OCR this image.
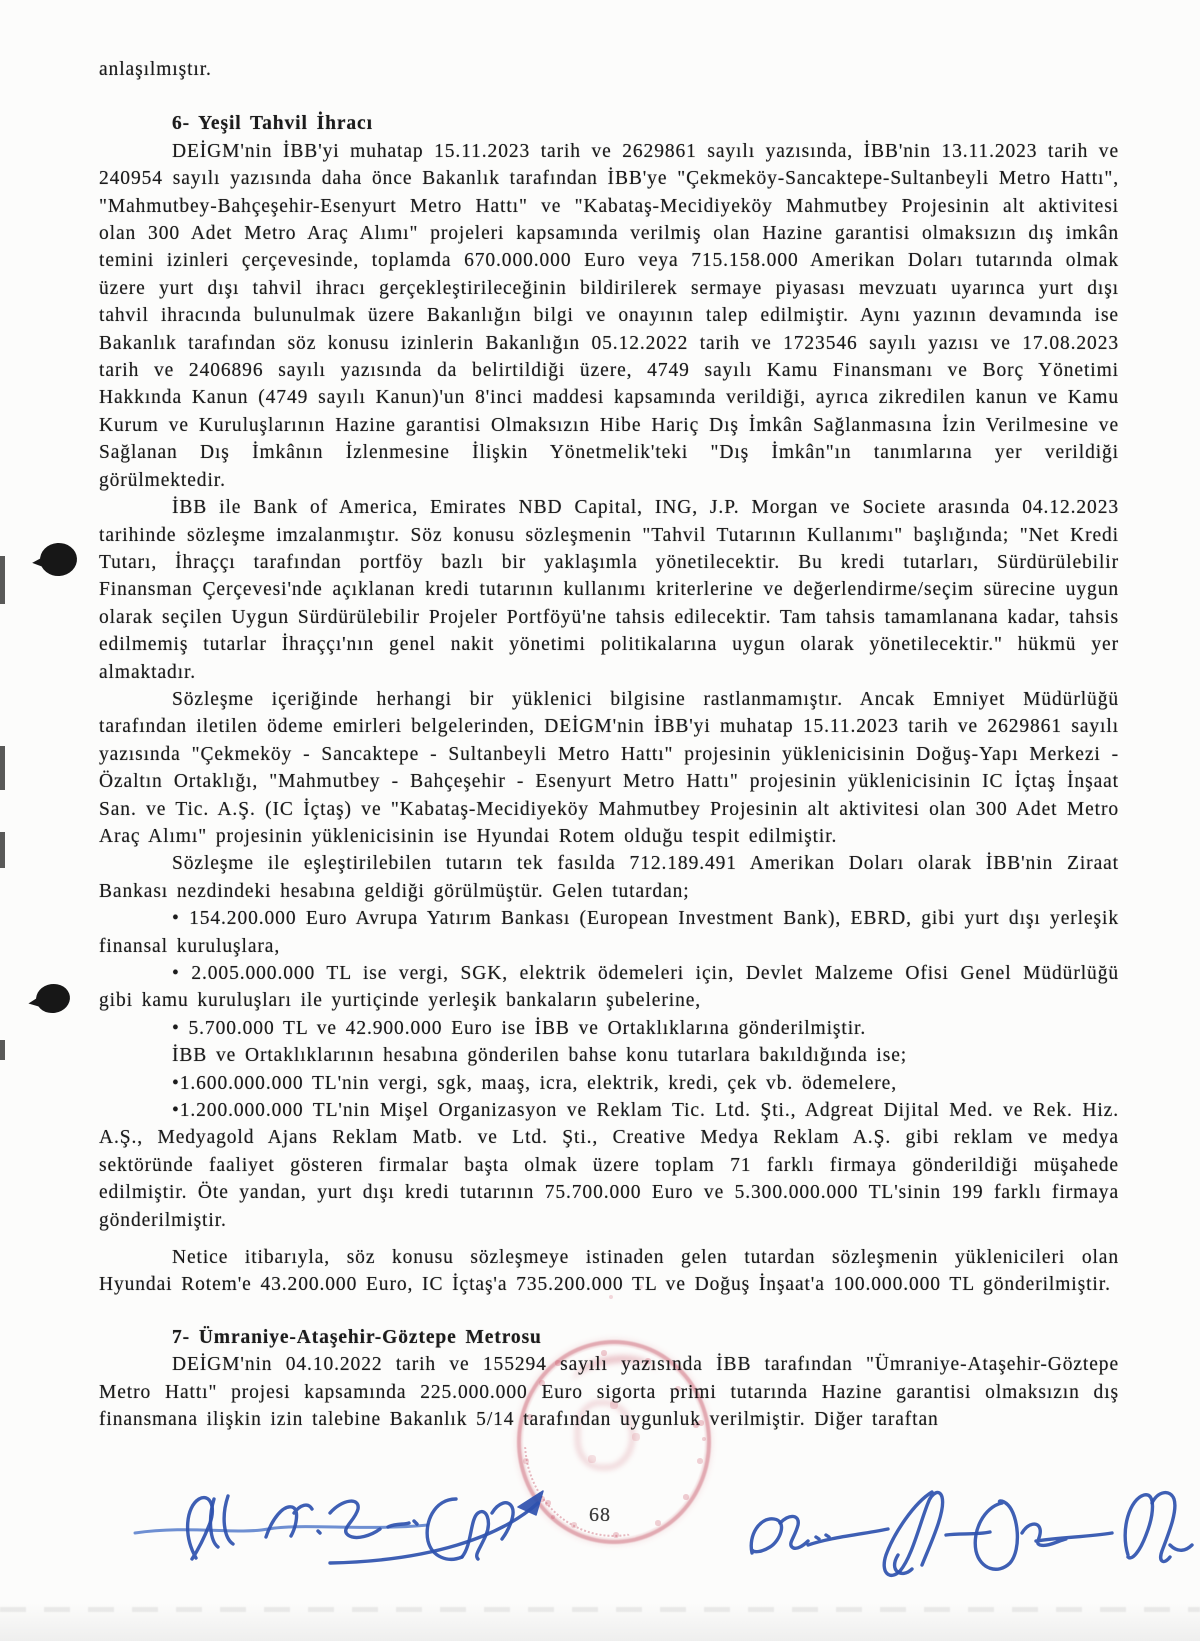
anlaşılmıştır.

6- Yeşil Tahvil İhracı

DEİGM'nin İBB'yi muhatap 15.11.2023 tarih ve 2629861 sayılı yazısında, İBB'nin 13.11.2023 tarih ve 240954 sayılı yazısında daha önce Bakanlık tarafından İBB'ye "Çekmeköy-Sancaktepe-Sultanbeyli Metro Hattı", "Mahmutbey-Bahçeşehir-Esenyurt Metro Hattı" ve "Kabataş-Mecidiyeköy Mahmutbey Projesinin alt aktivitesi olan 300 Adet Metro Araç Alımı" projeleri kapsamında verilmiş olan Hazine garantisi olmaksızın dış imkân temini izinleri çerçevesinde, toplamda 670.000.000 Euro veya 715.158.000 Amerikan Doları tutarında olmak üzere yurt dışı tahvil ihracı gerçekleştirileceğinin bildirilerek sermaye piyasası mevzuatı uyarınca yurt dışı tahvil ihracında bulunulmak üzere Bakanlığın bilgi ve onayının talep edilmiştir. Aynı yazının devamında ise Bakanlık tarafından söz konusu izinlerin Bakanlığın 05.12.2022 tarih ve 1723546 sayılı yazısı ve 17.08.2023 tarih ve 2406896 sayılı yazısında da belirtildiği üzere, 4749 sayılı Kamu Finansmanı ve Borç Yönetimi Hakkında Kanun (4749 sayılı Kanun)'un 8'inci maddesi kapsamında verildiği, ayrıca zikredilen kanun ve Kamu Kurum ve Kuruluşlarının Hazine garantisi Olmaksızın Hibe Hariç Dış İmkân Sağlanmasına İzin Verilmesine ve Sağlanan Dış İmkânın İzlenmesine İlişkin Yönetmelik'teki "Dış İmkân"ın tanımlarına yer verildiği görülmektedir.

İBB ile Bank of America, Emirates NBD Capital, ING, J.P. Morgan ve Societe arasında 04.12.2023 tarihinde sözleşme imzalanmıştır. Söz konusu sözleşmenin "Tahvil Tutarının Kullanımı" başlığında; "Net Kredi Tutarı, İhraççı tarafından portföy bazlı bir yaklaşımla yönetilecektir. Bu kredi tutarları, Sürdürülebilir Finansman Çerçevesi'nde açıklanan kredi tutarının kullanımı kriterlerine ve değerlendirme/seçim sürecine uygun olarak seçilen Uygun Sürdürülebilir Projeler Portföyü'ne tahsis edilecektir. Tam tahsis tamamlanana kadar, tahsis edilmemiş tutarlar İhraççı'nın genel nakit yönetimi politikalarına uygun olarak yönetilecektir." hükmü yer almaktadır.

Sözleşme içeriğinde herhangi bir yüklenici bilgisine rastlanmamıştır. Ancak Emniyet Müdürlüğü tarafından iletilen ödeme emirleri belgelerinden, DEİGM'nin İBB'yi muhatap 15.11.2023 tarih ve 2629861 sayılı yazısında "Çekmeköy - Sancaktepe - Sultanbeyli Metro Hattı" projesinin yüklenicisinin Doğuş-Yapı Merkezi - Özaltın Ortaklığı, "Mahmutbey - Bahçeşehir - Esenyurt Metro Hattı" projesinin yüklenicisinin IC İçtaş İnşaat San. ve Tic. A.Ş. (IC İçtaş) ve "Kabataş-Mecidiyeköy Mahmutbey Projesinin alt aktivitesi olan 300 Adet Metro Araç Alımı" projesinin yüklenicisinin ise Hyundai Rotem olduğu tespit edilmiştir.

Sözleşme ile eşleştirilebilen tutarın tek fasılda 712.189.491 Amerikan Doları olarak İBB'nin Ziraat Bankası nezdindeki hesabına geldiği görülmüştür. Gelen tutardan;

• 154.200.000 Euro Avrupa Yatırım Bankası (European Investment Bank), EBRD, gibi yurt dışı yerleşik finansal kuruluşlara,

• 2.005.000.000 TL ise vergi, SGK, elektrik ödemeleri için, Devlet Malzeme Ofisi Genel Müdürlüğü gibi kamu kuruluşları ile yurtiçinde yerleşik bankaların şubelerine,

• 5.700.000 TL ve 42.900.000 Euro ise İBB ve Ortaklıklarına gönderilmiştir.

İBB ve Ortaklıklarının hesabına gönderilen bahse konu tutarlara bakıldığında ise;

•1.600.000.000 TL'nin vergi, sgk, maaş, icra, elektrik, kredi, çek vb. ödemelere,

•1.200.000.000 TL'nin Mişel Organizasyon ve Reklam Tic. Ltd. Şti., Adgreat Dijital Med. ve Rek. Hiz. A.Ş., Medyagold Ajans Reklam Matb. ve Ltd. Şti., Creative Medya Reklam A.Ş. gibi reklam ve medya sektöründe faaliyet gösteren firmalar başta olmak üzere toplam 71 farklı firmaya gönderildiği müşahede edilmiştir. Öte yandan, yurt dışı kredi tutarının 75.700.000 Euro ve 5.300.000.000 TL'sinin 199 farklı firmaya gönderilmiştir.

Netice itibarıyla, söz konusu sözleşmeye istinaden gelen tutardan sözleşmenin yüklenicileri olan Hyundai Rotem'e 43.200.000 Euro, IC İçtaş'a 735.200.000 TL ve Doğuş İnşaat'a 100.000.000 TL gönderilmiştir.

7- Ümraniye-Ataşehir-Göztepe Metrosu

DEİGM'nin 04.10.2022 tarih ve 155294 sayılı yazısında İBB tarafından "Ümraniye-Ataşehir-Göztepe Metro Hattı" projesi kapsamında 225.000.000 Euro sigorta primi tutarında Hazine garantisi olmaksızın dış finansmana ilişkin izin talebine Bakanlık 5/14 tarafından uygunluk verilmiştir. Diğer taraftan

68
